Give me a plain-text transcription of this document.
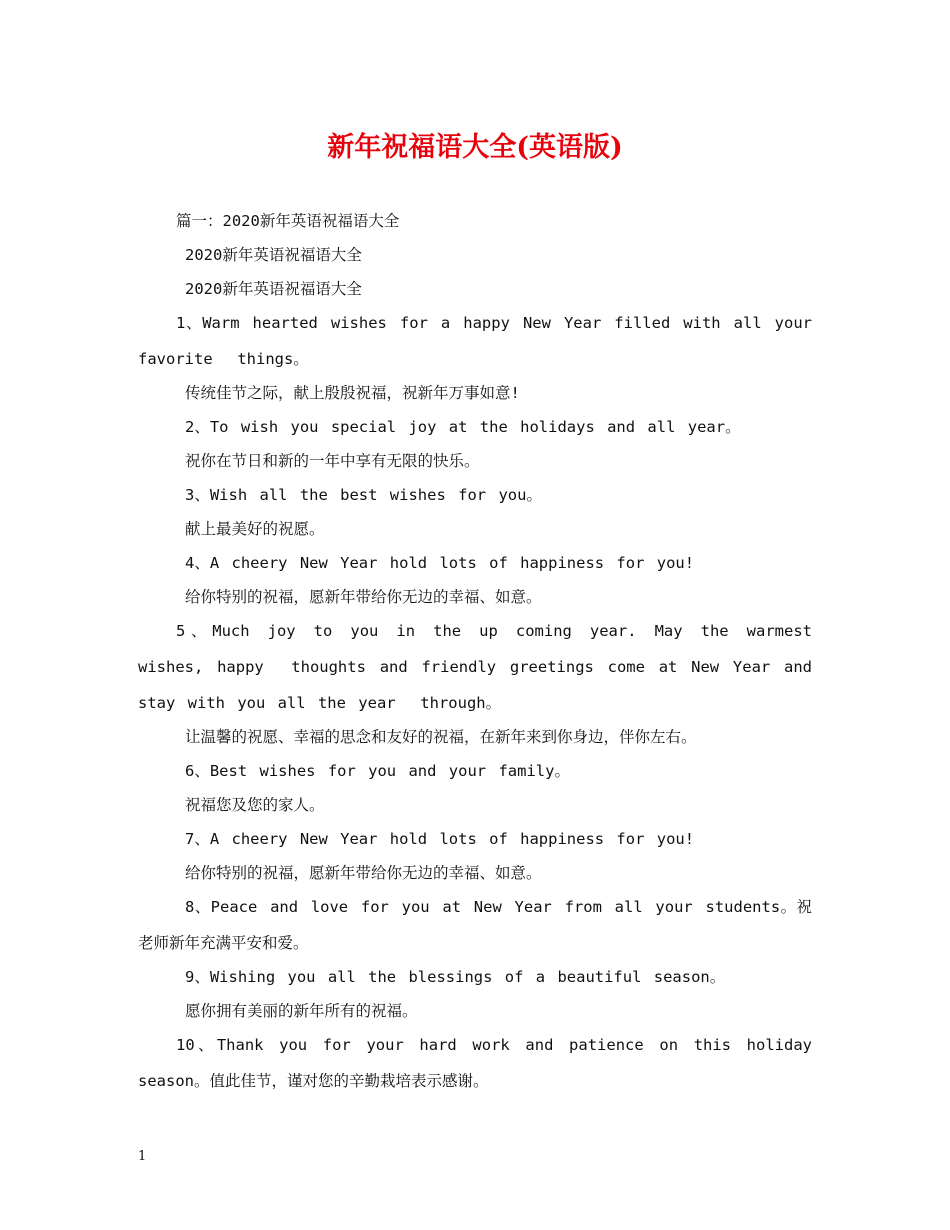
新年祝福语大全(英语版)

篇一：2020新年英语祝福语大全

2020新年英语祝福语大全

2020新年英语祝福语大全

1、Warm hearted wishes for a happy New Year filled with all your favorite  things。

传统佳节之际，献上殷殷祝福，祝新年万事如意!

2、To wish you special joy at the holidays and all year。

祝你在节日和新的一年中享有无限的快乐。

3、Wish all the best wishes for you。

献上最美好的祝愿。

4、A cheery New Year hold lots of happiness for you!

给你特别的祝福，愿新年带给你无边的幸福、如意。

5、Much joy to you in the up coming year. May the warmest wishes, happy  thoughts and friendly greetings come at New Year and stay with you all the year  through。

让温馨的祝愿、幸福的思念和友好的祝福，在新年来到你身边，伴你左右。

6、Best wishes for you and your family。

祝福您及您的家人。

7、A cheery New Year hold lots of happiness for you!

给你特别的祝福，愿新年带给你无边的幸福、如意。

8、Peace and love for you at New Year from all your students。祝老师新年充满平安和爱。

9、Wishing you all the blessings of a beautiful season。

愿你拥有美丽的新年所有的祝福。

10、Thank you for your hard work and patience on this holiday season。值此佳节，谨对您的辛勤栽培表示感谢。

1
